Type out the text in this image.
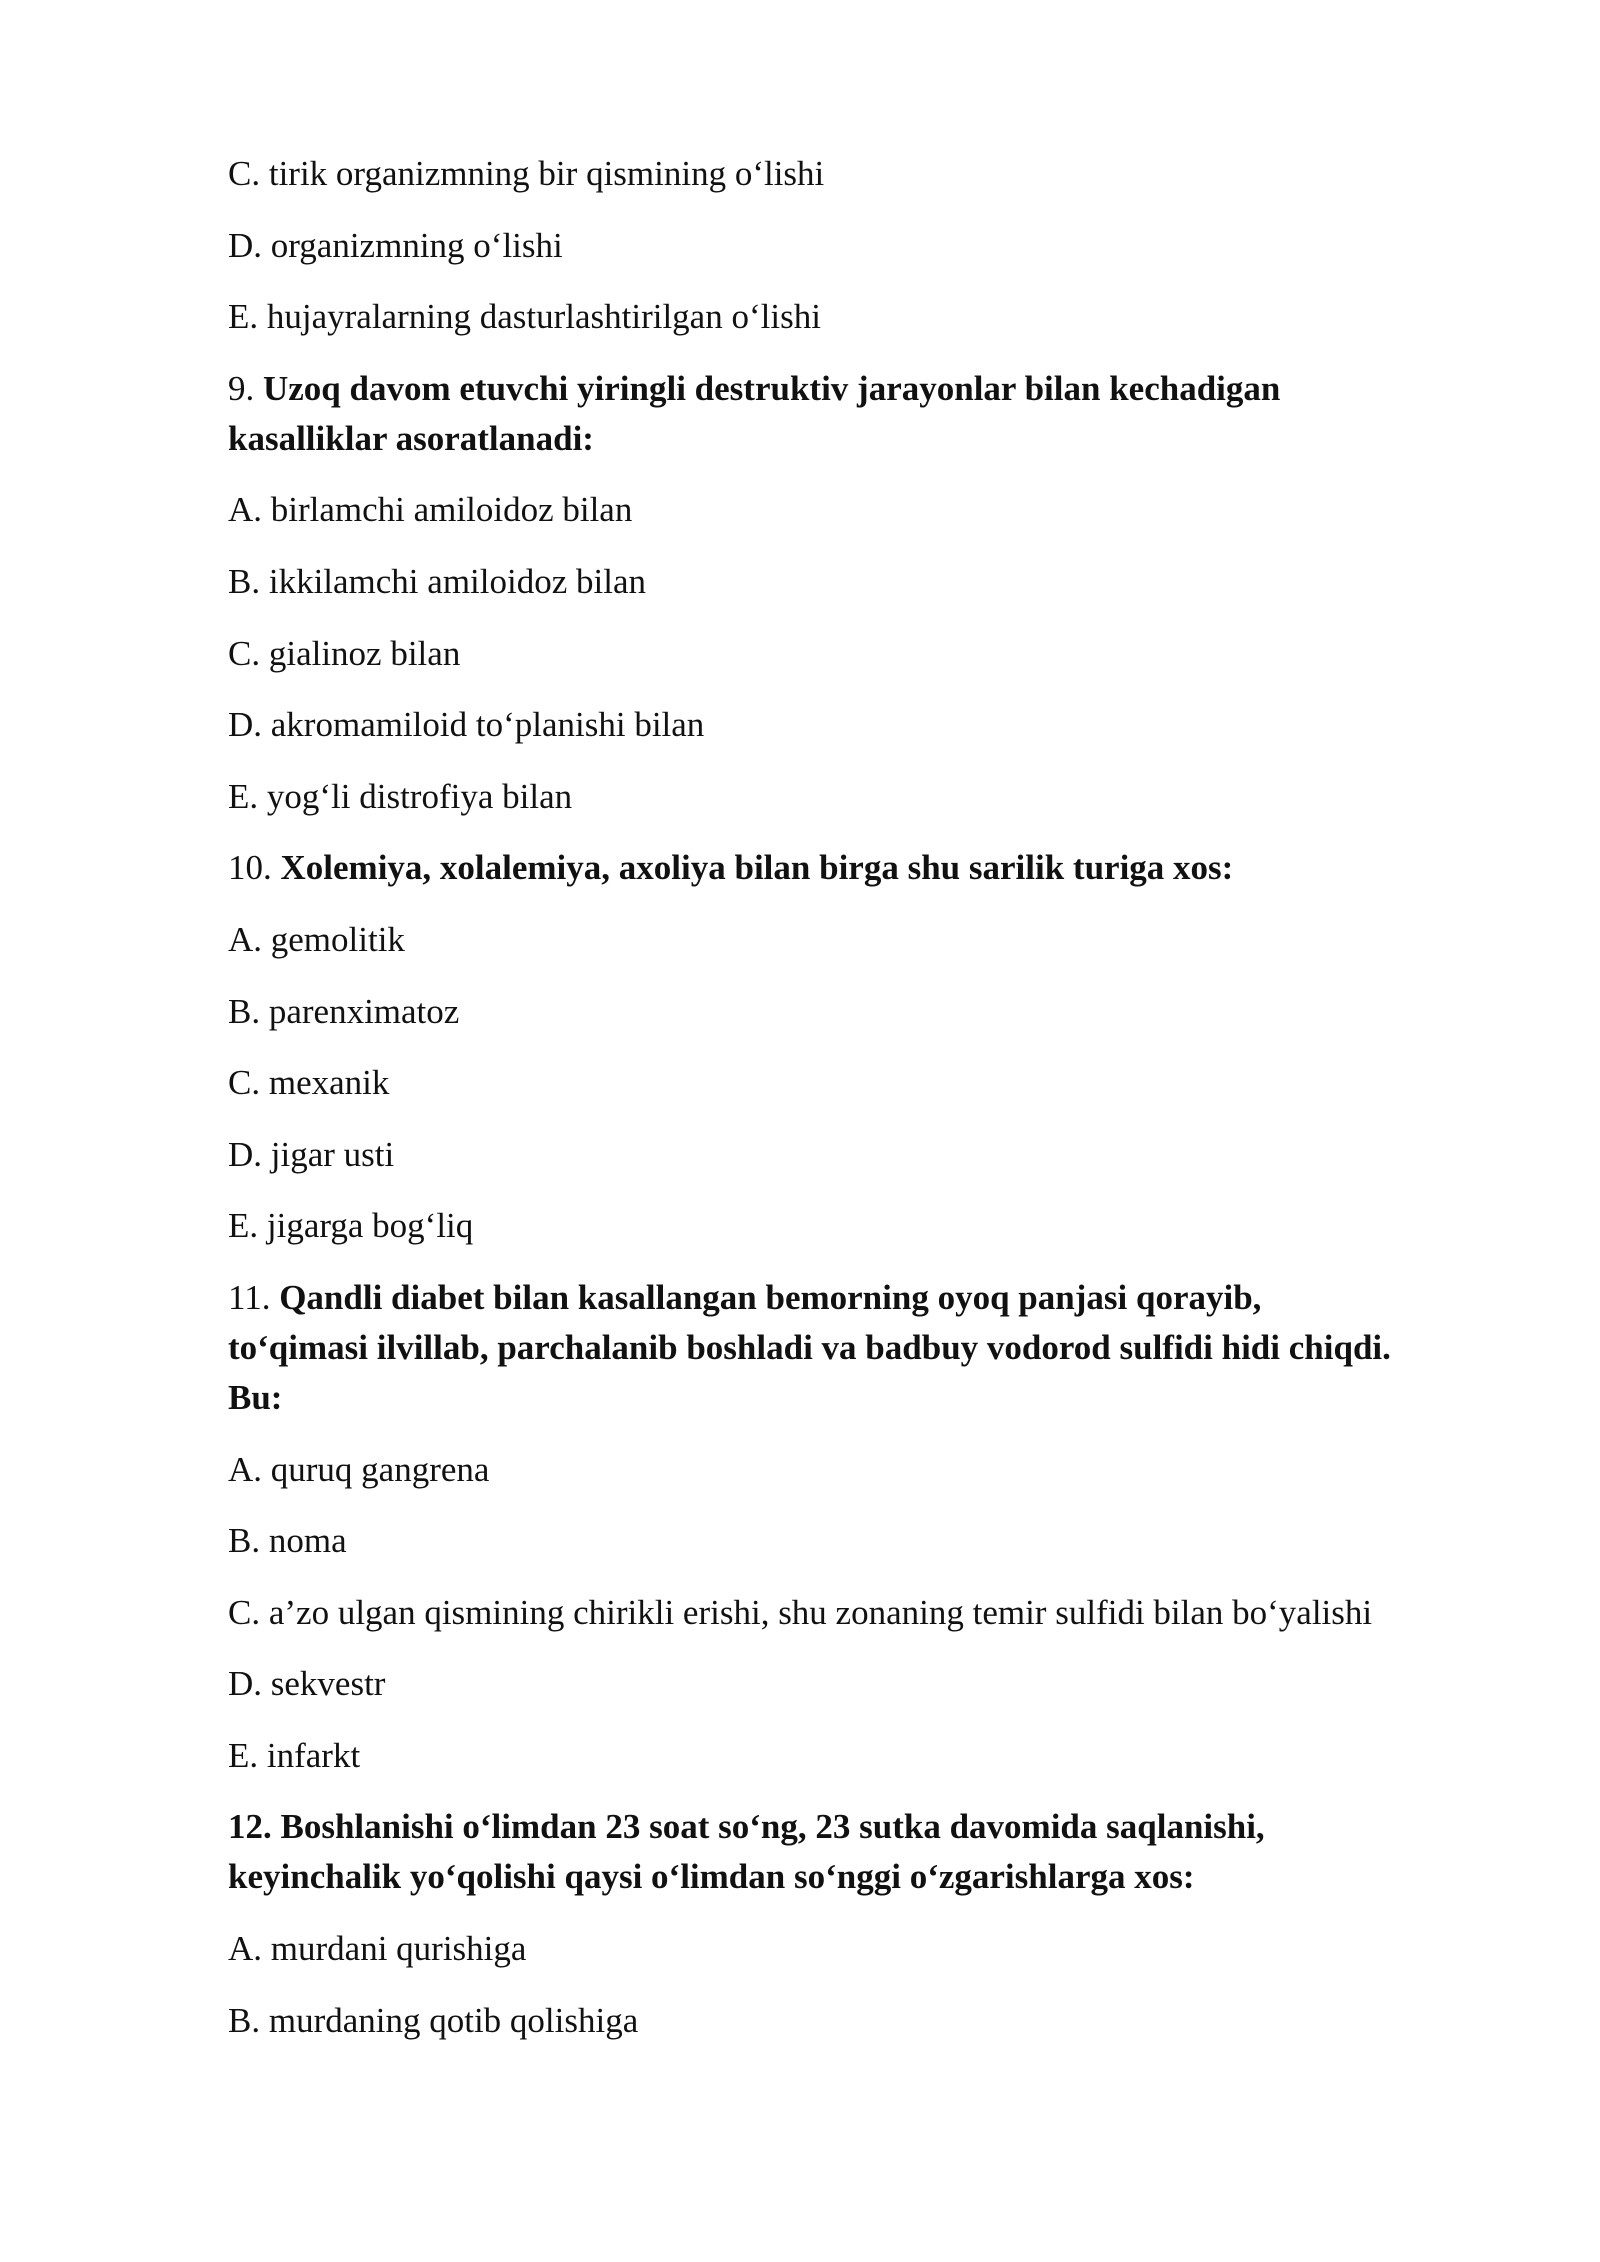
C. tirik organizmning bir qismining o‘lishi

D. organizmning o‘lishi

E. hujayralarning dasturlashtirilgan o‘lishi

9. Uzoq davom etuvchi yiringli destruktiv jarayonlar bilan kechadigan
kasalliklar asoratlanadi:

A. birlamchi amiloidoz bilan

B. ikkilamchi amiloidoz bilan

C. gialinoz bilan

D. akromamiloid to‘planishi bilan

E. yog‘li distrofiya bilan

10. Xolemiya, xolalemiya, axoliya bilan birga shu sarilik turiga xos:

A. gemolitik

B. parenximatoz

C. mexanik

D. jigar usti

E. jigarga bog‘liq

11. Qandli diabet bilan kasallangan bemorning oyoq panjasi qorayib,
to‘qimasi ilvillab, parchalanib boshladi va badbuy vodorod sulfidi hidi chiqdi.
Bu:

A. quruq gangrena

B. noma

C. a’zo ulgan qismining chirikli erishi, shu zonaning temir sulfidi bilan bo‘yalishi

D. sekvestr

E. infarkt

12. Boshlanishi o‘limdan 23 soat so‘ng, 23 sutka davomida saqlanishi,
keyinchalik yo‘qolishi qaysi o‘limdan so‘nggi o‘zgarishlarga xos:

A. murdani qurishiga

B. murdaning qotib qolishiga
